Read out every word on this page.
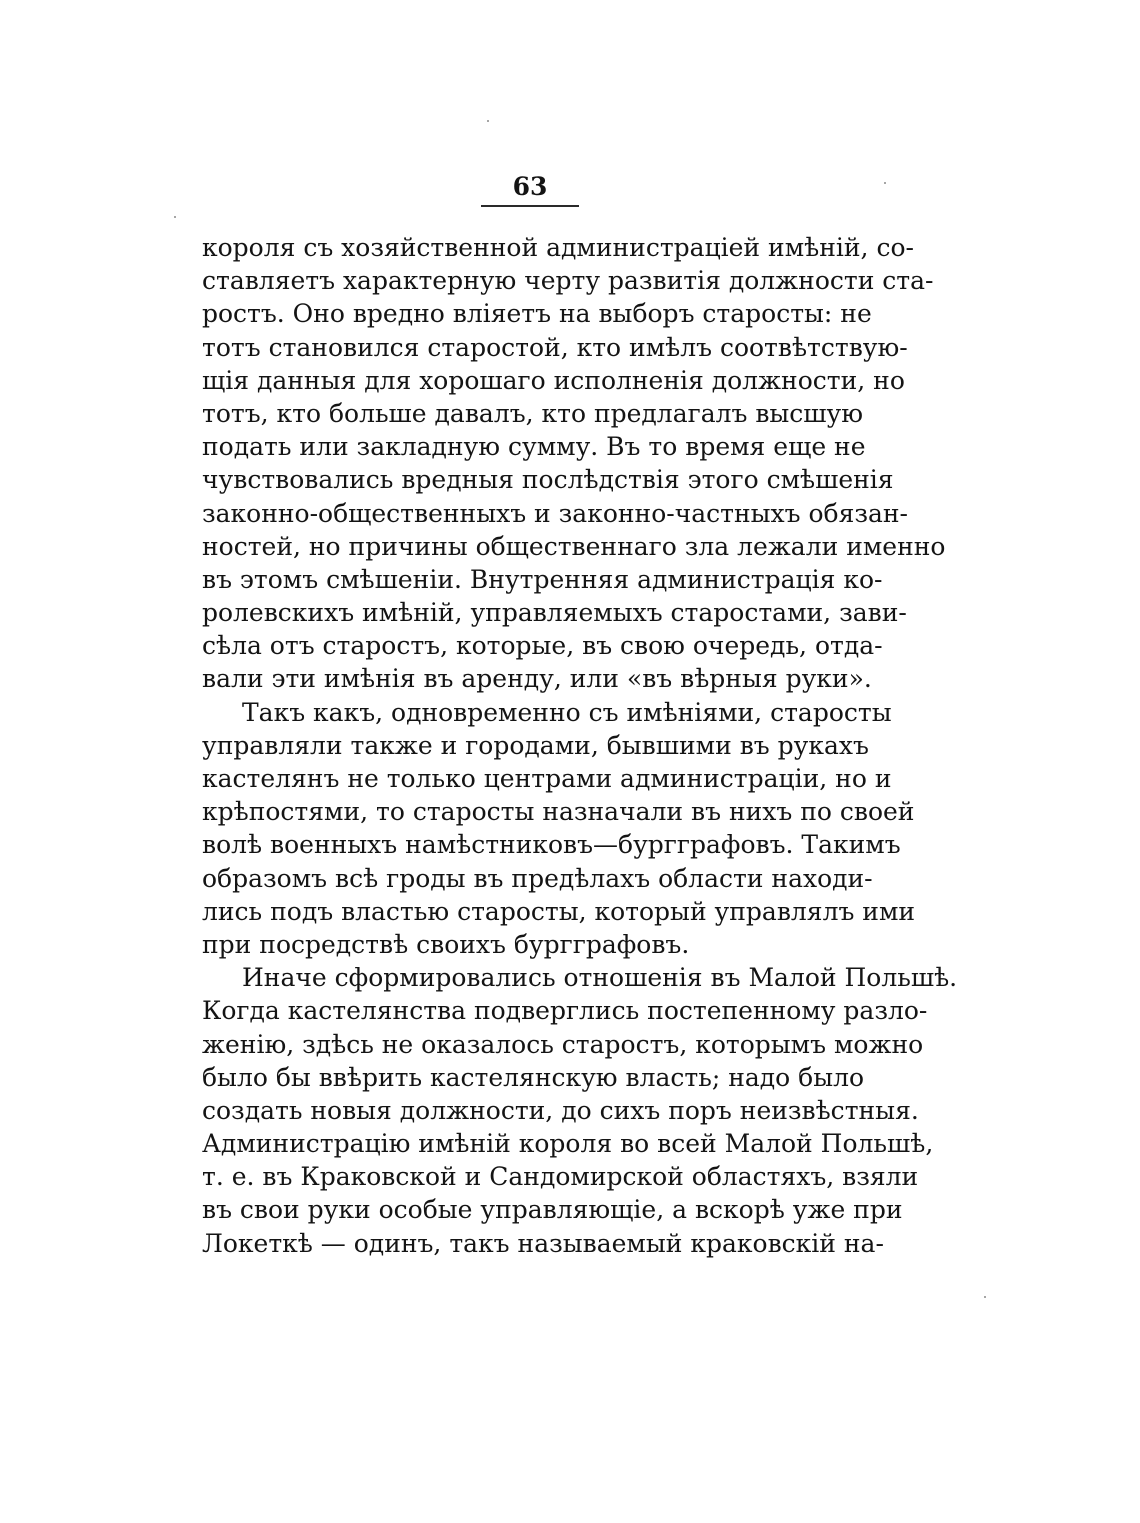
63
короля съ хозяйственной администраціей имѣній, со-
ставляетъ характерную черту развитія должности ста-
ростъ. Оно вредно вліяетъ на выборъ старосты: не
тотъ становился старостой, кто имѣлъ соотвѣтствую-
щія данныя для хорошаго исполненія должности, но
тотъ, кто больше давалъ, кто предлагалъ высшую
подать или закладную сумму. Въ то время еще не
чувствовались вредныя послѣдствія этого смѣшенія
законно-общественныхъ и законно-частныхъ обязан-
ностей, но причины общественнаго зла лежали именно
въ этомъ смѣшеніи. Внутренняя администрація ко-
ролевскихъ имѣній, управляемыхъ старостами, зави-
сѣла отъ старостъ, которые, въ свою очередь, отда-
вали эти имѣнія въ аренду, или «въ вѣрныя руки».
Такъ какъ, одновременно съ имѣніями, старосты
управляли также и городами, бывшими въ рукахъ
кастелянъ не только центрами администраціи, но и
крѣпостями, то старосты назначали въ нихъ по своей
волѣ военныхъ намѣстниковъ—бургграфовъ. Такимъ
образомъ всѣ гроды въ предѣлахъ области находи-
лись подъ властью старосты, который управлялъ ими
при посредствѣ своихъ бургграфовъ.
Иначе сформировались отношенія въ Малой Польшѣ.
Когда кастелянства подверглись постепенному разло-
женію, здѣсь не оказалось старостъ, которымъ можно
было бы ввѣрить кастелянскую власть; надо было
создать новыя должности, до сихъ поръ неизвѣстныя.
Администрацію имѣній короля во всей Малой Польшѣ,
т. е. въ Краковской и Сандомирской областяхъ, взяли
въ свои руки особые управляющіе, а вскорѣ уже при
Локеткѣ — одинъ, такъ называемый краковскій на-
